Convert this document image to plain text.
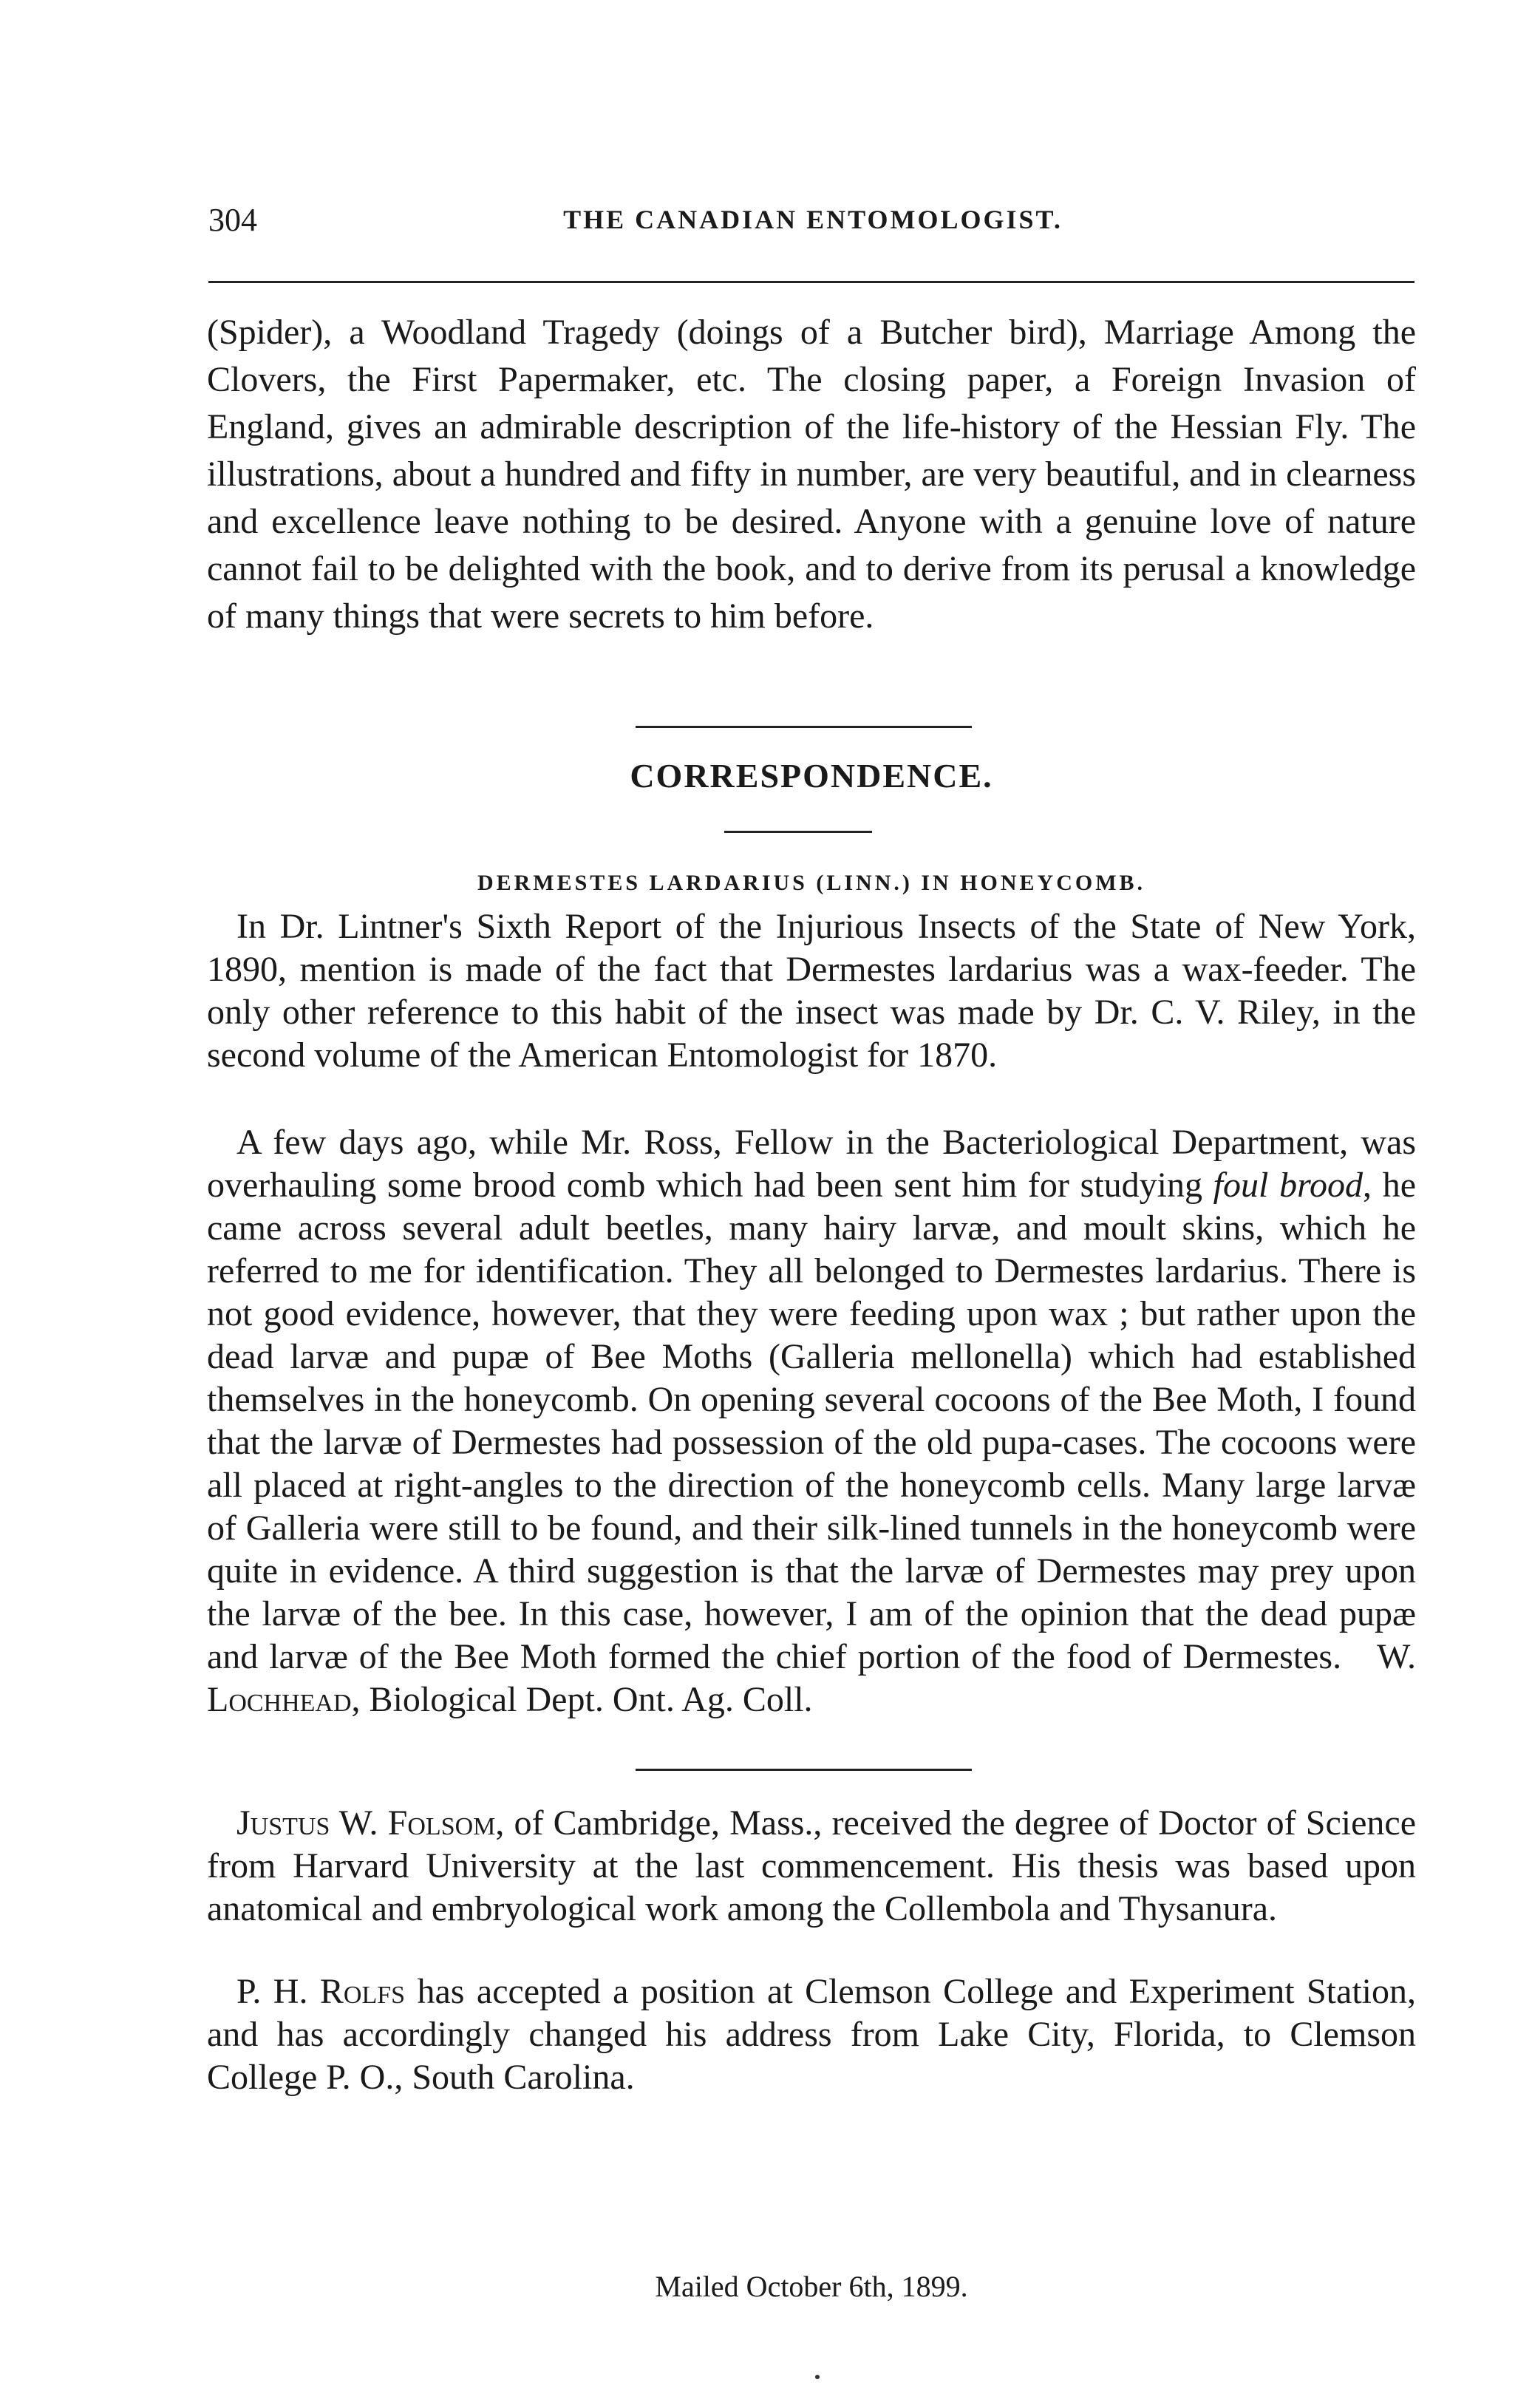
304	THE CANADIAN ENTOMOLOGIST.

(Spider), a Woodland Tragedy (doings of a Butcher bird), Marriage Among the Clovers, the First Papermaker, etc. The closing paper, a Foreign Invasion of England, gives an admirable description of the life-history of the Hessian Fly. The illustrations, about a hundred and fifty in number, are very beautiful, and in clearness and excellence leave nothing to be desired. Anyone with a genuine love of nature cannot fail to be delighted with the book, and to derive from its perusal a knowledge of many things that were secrets to him before.

CORRESPONDENCE.
DERMESTES LARDARIUS (LINN.) IN HONEYCOMB.

In Dr. Lintner's Sixth Report of the Injurious Insects of the State of New York, 1890, mention is made of the fact that Dermestes lardarius was a wax-feeder. The only other reference to this habit of the insect was made by Dr. C. V. Riley, in the second volume of the American Entomologist for 1870.

A few days ago, while Mr. Ross, Fellow in the Bacteriological Department, was overhauling some brood comb which had been sent him for studying foul brood, he came across several adult beetles, many hairy larvæ, and moult skins, which he referred to me for identification. They all belonged to Dermestes lardarius. There is not good evidence, however, that they were feeding upon wax ; but rather upon the dead larvæ and pupæ of Bee Moths (Galleria mellonella) which had established themselves in the honeycomb. On opening several cocoons of the Bee Moth, I found that the larvæ of Dermestes had possession of the old pupa-cases. The cocoons were all placed at right-angles to the direction of the honeycomb cells. Many large larvæ of Galleria were still to be found, and their silk-lined tunnels in the honeycomb were quite in evidence. A third suggestion is that the larvæ of Dermestes may prey upon the larvæ of the bee. In this case, however, I am of the opinion that the dead pupæ and larvæ of the Bee Moth formed the chief portion of the food of Dermestes. W. Lochhead, Biological Dept. Ont. Ag. Coll.

Justus W. Folsom, of Cambridge, Mass., received the degree of Doctor of Science from Harvard University at the last commencement. His thesis was based upon anatomical and embryological work among the Collembola and Thysanura.

P. H. Rolfs has accepted a position at Clemson College and Experiment Station, and has accordingly changed his address from Lake City, Florida, to Clemson College P. O., South Carolina.

Mailed October 6th, 1899.
